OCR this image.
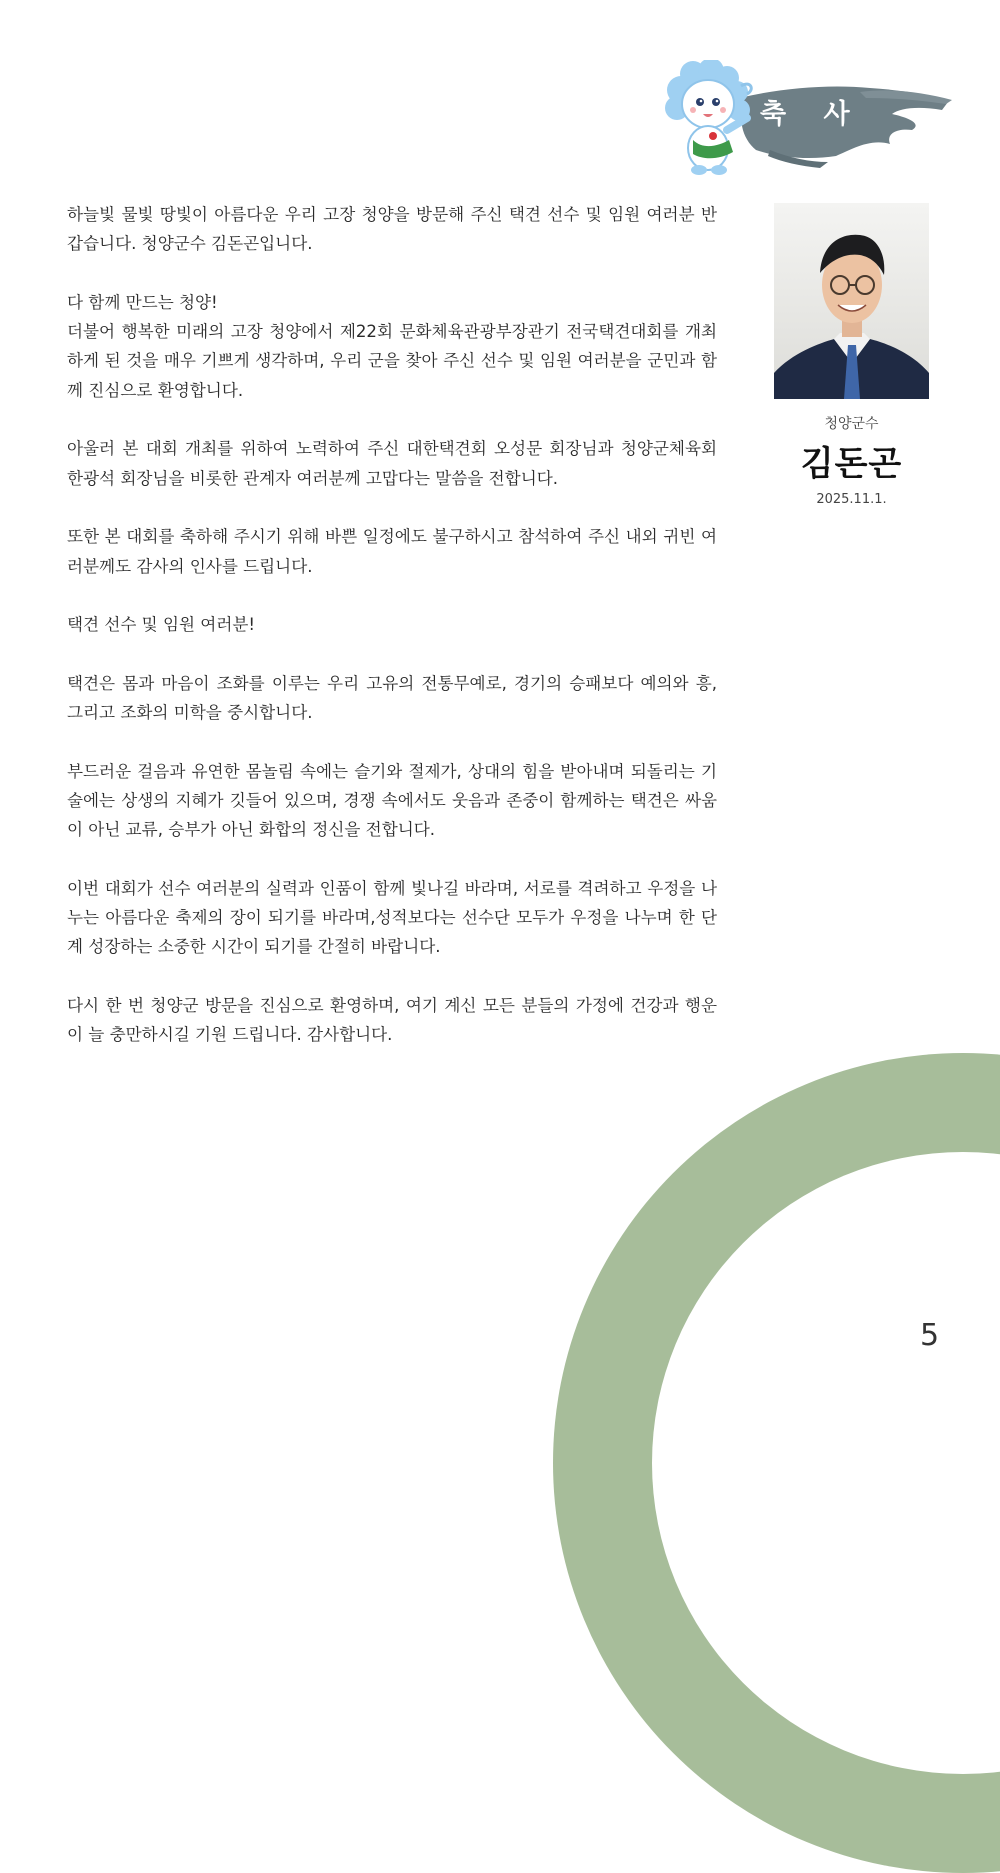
축 사

하늘빛 물빛 땅빛이 아름다운 우리 고장 청양을 방문해 주신 택견 선수 및 임원 여러분 반갑습니다. 청양군수 김돈곤입니다.

다 함께 만드는 청양!
더불어 행복한 미래의 고장 청양에서 제22회 문화체육관광부장관기 전국택견대회를 개최하게 된 것을 매우 기쁘게 생각하며, 우리 군을 찾아 주신 선수 및 임원 여러분을 군민과 함께 진심으로 환영합니다.

아울러 본 대회 개최를 위하여 노력하여 주신 대한택견회 오성문 회장님과 청양군체육회 한광석 회장님을 비롯한 관계자 여러분께 고맙다는 말씀을 전합니다.

또한 본 대회를 축하해 주시기 위해 바쁜 일정에도 불구하시고 참석하여 주신 내외 귀빈 여러분께도 감사의 인사를 드립니다.

택견 선수 및 임원 여러분!

택견은 몸과 마음이 조화를 이루는 우리 고유의 전통무예로, 경기의 승패보다 예의와 흥, 그리고 조화의 미학을 중시합니다.

부드러운 걸음과 유연한 몸놀림 속에는 슬기와 절제가, 상대의 힘을 받아내며 되돌리는 기술에는 상생의 지혜가 깃들어 있으며, 경쟁 속에서도 웃음과 존중이 함께하는 택견은 싸움이 아닌 교류, 승부가 아닌 화합의 정신을 전합니다.

이번 대회가 선수 여러분의 실력과 인품이 함께 빛나길 바라며, 서로를 격려하고 우정을 나누는 아름다운 축제의 장이 되기를 바라며,성적보다는 선수단 모두가 우정을 나누며 한 단계 성장하는 소중한 시간이 되기를 간절히 바랍니다.

다시 한 번 청양군 방문을 진심으로 환영하며, 여기 계신 모든 분들의 가정에 건강과 행운이 늘 충만하시길 기원 드립니다. 감사합니다.

청양군수
김돈곤
2025.11.1.
5
